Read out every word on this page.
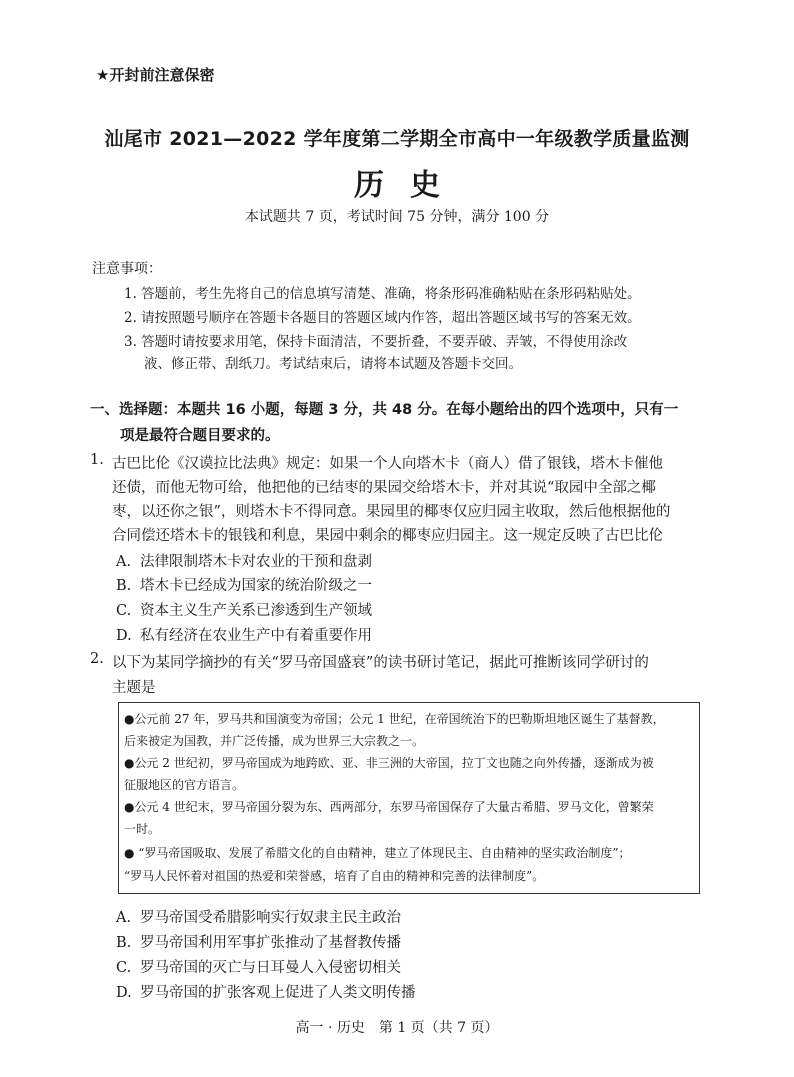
★开封前注意保密
汕尾市 2021—2022 学年度第二学期全市高中一年级教学质量监测
历史
本试题共 7 页，考试时间 75 分钟，满分 100 分
注意事项：
1. 答题前，考生先将自己的信息填写清楚、准确，将条形码准确粘贴在条形码粘贴处。
2. 请按照题号顺序在答题卡各题目的答题区域内作答，超出答题区域书写的答案无效。
3. 答题时请按要求用笔，保持卡面清洁，不要折叠，不要弄破、弄皱，不得使用涂改
液、修正带、刮纸刀。考试结束后，请将本试题及答题卡交回。
一、选择题：本题共 16 小题，每题 3 分，共 48 分。在每小题给出的四个选项中，只有一
项是最符合题目要求的。
1. 古巴比伦《汉谟拉比法典》规定：如果一个人向塔木卡（商人）借了银钱，塔木卡催他
还债，而他无物可给，他把他的已结枣的果园交给塔木卡，并对其说“取园中全部之椰
枣，以还你之银”，则塔木卡不得同意。果园里的椰枣仅应归园主收取，然后他根据他的
合同偿还塔木卡的银钱和利息，果园中剩余的椰枣应归园主。这一规定反映了古巴比伦
A. 法律限制塔木卡对农业的干预和盘剥
B. 塔木卡已经成为国家的统治阶级之一
C. 资本主义生产关系已渗透到生产领域
D. 私有经济在农业生产中有着重要作用
2. 以下为某同学摘抄的有关“罗马帝国盛衰”的读书研讨笔记，据此可推断该同学研讨的
主题是
●公元前 27 年，罗马共和国演变为帝国；公元 1 世纪，在帝国统治下的巴勒斯坦地区诞生了基督教，
后来被定为国教，并广泛传播，成为世界三大宗教之一。
●公元 2 世纪初，罗马帝国成为地跨欧、亚、非三洲的大帝国，拉丁文也随之向外传播，逐渐成为被
征服地区的官方语言。
●公元 4 世纪末，罗马帝国分裂为东、西两部分，东罗马帝国保存了大量古希腊、罗马文化，曾繁荣
一时。
● “罗马帝国吸取、发展了希腊文化的自由精神，建立了体现民主、自由精神的坚实政治制度”；
“罗马人民怀着对祖国的热爱和荣誉感，培育了自由的精神和完善的法律制度”。
A. 罗马帝国受希腊影响实行奴隶主民主政治
B. 罗马帝国利用军事扩张推动了基督教传播
C. 罗马帝国的灭亡与日耳曼人入侵密切相关
D. 罗马帝国的扩张客观上促进了人类文明传播
高一 · 历史　第 1 页（共 7 页）
